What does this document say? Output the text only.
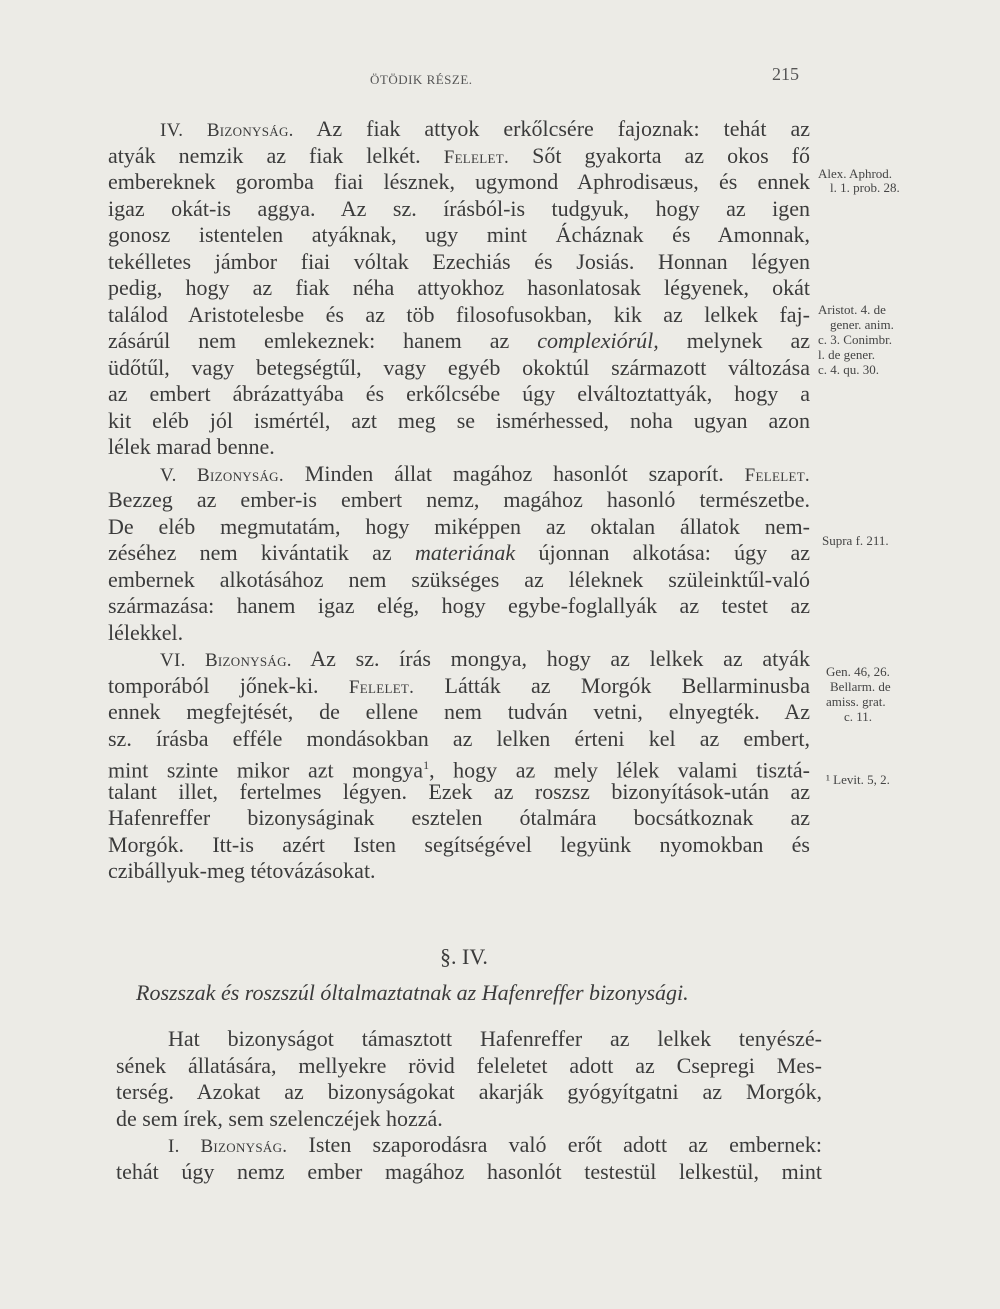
ÖTÖDIK RÉSZE.	215
IV. Bizonyság. Az fiak attyok erkőlcsére fajoznak: tehát az
atyák nemzik az fiak lelkét. Felelet. Sőt gyakorta az okos fő
embereknek goromba fiai lésznek, ugymond Aphrodisæus, és ennek
igaz okát-is aggya. Az sz. írásból-is tudgyuk, hogy az igen
gonosz istentelen atyáknak, ugy mint Ácháznak és Amonnak,
tekélletes jámbor fiai vóltak Ezechiás és Josiás. Honnan légyen
pedig, hogy az fiak néha attyokhoz hasonlatosak légyenek, okát
találod Aristotelesbe és az töb filosofusokban, kik az lelkek faj-
zásárúl nem emlekeznek: hanem az complexiórúl, melynek az
üdőtűl, vagy betegségtűl, vagy egyéb okoktúl származott változása
az embert ábrázattyába és erkőlcsébe úgy elváltoztattyák, hogy a
kit eléb jól ismértél, azt meg se ismérhessed, noha ugyan azon
lélek marad benne.
V. Bizonyság. Minden állat magához hasonlót szaporít. Felelet.
Bezzeg az ember-is embert nemz, magához hasonló természetbe.
De eléb megmutatám, hogy miképpen az oktalan állatok nem-
zéséhez nem kivántatik az materiának újonnan alkotása: úgy az
embernek alkotásához nem szükséges az léleknek szüleinktűl-való
származása: hanem igaz elég, hogy egybe-foglallyák az testet az
lélekkel.
VI. Bizonyság. Az sz. írás mongya, hogy az lelkek az atyák
tomporából jőnek-ki. Felelet. Látták az Morgók Bellarminusba
ennek megfejtését, de ellene nem tudván vetni, elnyegték. Az
sz. írásba efféle mondásokban az lelken érteni kel az embert,
mint szinte mikor azt mongya$^1$, hogy az mely lélek valami tisztá-
talant illet, fertelmes légyen. Ezek az roszsz bizonyítások-után az
Hafenreffer bizonyságinak esztelen ótalmára bocsátkoznak az
Morgók. Itt-is azért Isten segítségével legyünk nyomokban és
czibállyuk-meg tétovázásokat.
§. IV.
Roszszak és roszszúl óltalmaztatnak az Hafenreffer bizonysági.
Hat bizonyságot támasztott Hafenreffer az lelkek tenyészé-
sének állatására, mellyekre rövid feleletet adott az Csepregi Mes-
terség. Azokat az bizonyságokat akarják gyógyítgatni az Morgók,
de sem írek, sem szelenczéjek hozzá.
I. Bizonyság. Isten szaporodásra való erőt adott az embernek:
tehát úgy nemz ember magához hasonlót testestül lelkestül, mint
Alex. Aphrod.
l. 1. prob. 28.
Aristot. 4. de
gener. anim.
c. 3. Conimbr.
l. de gener.
c. 4. qu. 30.
Supra f. 211.
Gen. 46, 26.
Bellarm. de
amiss. grat.
c. 11.
¹ Levit. 5, 2.
